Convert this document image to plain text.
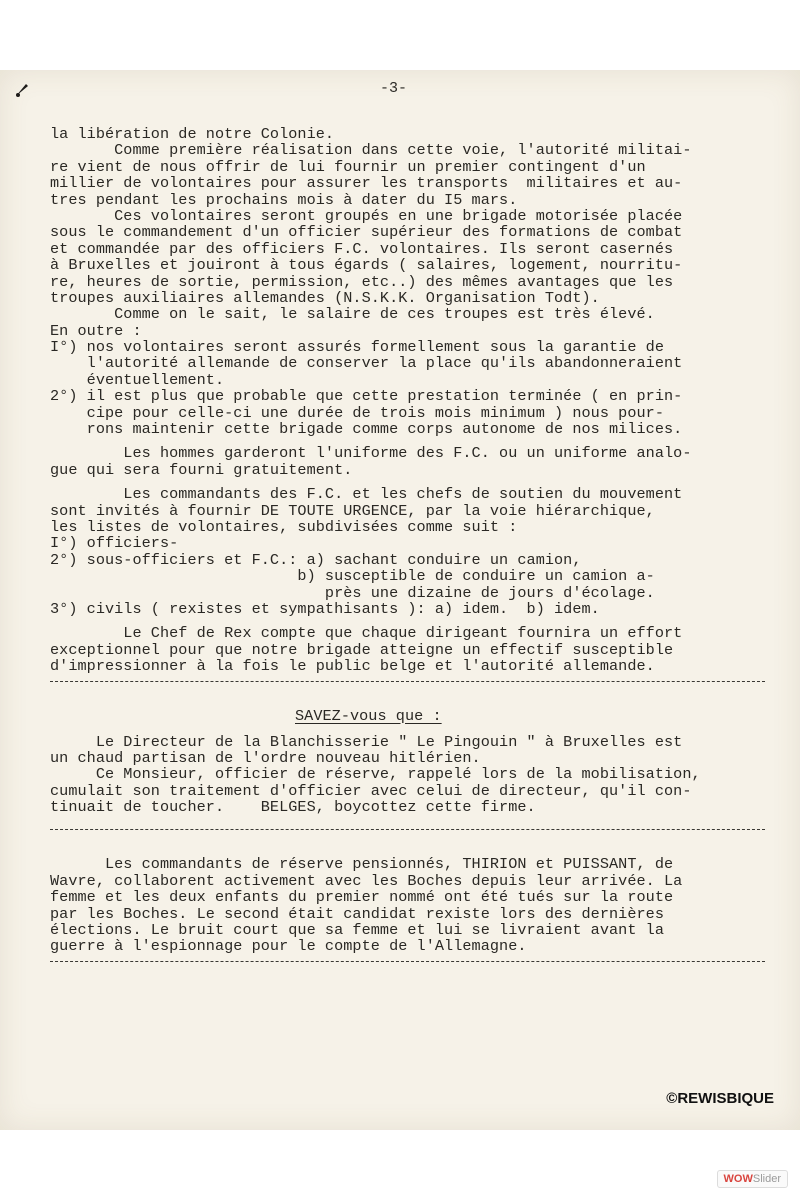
-3-
la libération de notre Colonie.
Comme première réalisation dans cette voie, l'autorité militai-
re vient de nous offrir de lui fournir un premier contingent d'un
millier de volontaires pour assurer les transports  militaires et au-
tres pendant les prochains mois à dater du I5 mars.
Ces volontaires seront groupés en une brigade motorisée placée
sous le commandement d'un officier supérieur des formations de combat
et commandée par des officiers F.C. volontaires. Ils seront casernés
à Bruxelles et jouiront à tous égards ( salaires, logement, nourritu-
re, heures de sortie, permission, etc..) des mêmes avantages que les
troupes auxiliaires allemandes (N.S.K.K. Organisation Todt).
Comme on le sait, le salaire de ces troupes est très élevé.
En outre :
I°) nos volontaires seront assurés formellement sous la garantie de
l'autorité allemande de conserver la place qu'ils abandonneraient
éventuellement.
2°) il est plus que probable que cette prestation terminée ( en prin-
cipe pour celle-ci une durée de trois mois minimum ) nous pour-
rons maintenir cette brigade comme corps autonome de nos milices.
Les hommes garderont l'uniforme des F.C. ou un uniforme analo-
gue qui sera fourni gratuitement.
Les commandants des F.C. et les chefs de soutien du mouvement
sont invités à fournir DE TOUTE URGENCE, par la voie hiérarchique,
les listes de volontaires, subdivisées comme suit :
I°) officiers-
2°) sous-officiers et F.C.: a) sachant conduire un camion,
b) susceptible de conduire un camion a-
près une dizaine de jours d'écolage.
3°) civils ( rexistes et sympathisants ): a) idem.  b) idem.
Le Chef de Rex compte que chaque dirigeant fournira un effort
exceptionnel pour que notre brigade atteigne un effectif susceptible
d'impressionner à la fois le public belge et l'autorité allemande.
SAVEZ-vous que :
Le Directeur de la Blanchisserie " Le Pingouin " à Bruxelles est
un chaud partisan de l'ordre nouveau hitlérien.
Ce Monsieur, officier de réserve, rappelé lors de la mobilisation,
cumulait son traitement d'officier avec celui de directeur, qu'il con-
tinuait de toucher.    BELGES, boycottez cette firme.
Les commandants de réserve pensionnés, THIRION et PUISSANT, de
Wavre, collaborent activement avec les Boches depuis leur arrivée. La
femme et les deux enfants du premier nommé ont été tués sur la route
par les Boches. Le second était candidat rexiste lors des dernières
élections. Le bruit court que sa femme et lui se livraient avant la
guerre à l'espionnage pour le compte de l'Allemagne.
©REWISBIQUE
WOWSlider
